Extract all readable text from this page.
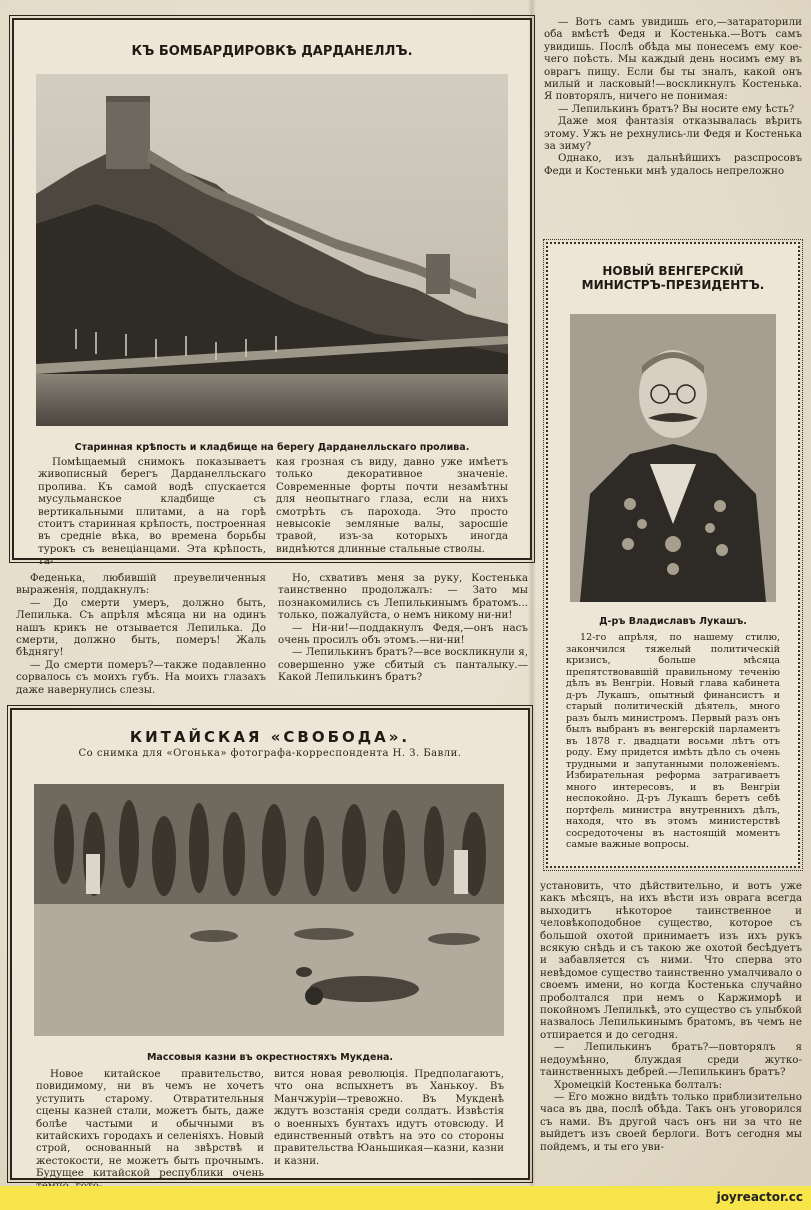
КЪ БОМБАРДИРОВКѢ ДАРДАНЕЛЛЪ.
Старинная крѣпость и кладбище на берегу Дарданелльскаго пролива.
Помѣщаемый снимокъ показываетъ живописный берегъ Дарданелльскаго пролива. Къ самой водѣ спускается мусульманское кладбище съ вертикальными плитами, а на горѣ стоитъ старинная крѣпость, построенная въ средніе вѣка, во времена борьбы турокъ съ венеціанцами. Эта крѣпость, та-
кая грозная съ виду, давно уже имѣетъ только декоративное значеніе. Современные форты почти незамѣтны для неопытнаго глаза, если на нихъ смотрѣть съ парохода. Это просто невысокіе земляные валы, заросшіе травой, изъ-за которыхъ иногда виднѣются длинные стальные стволы.

Феденька, любившій преувеличенныя выраженія, поддакнулъ:

— До смерти умеръ, должно быть, Лепилька. Съ апрѣля мѣсяца ни на одинъ нашъ крикъ не отзывается Лепилька. До смерти, должно быть, померъ! Жаль бѣднягу!

— До смерти померъ?—также подавленно сорвалось съ моихъ губъ. На моихъ глазахъ даже навернулись слезы.

Но, схвативъ меня за руку, Костенька таинственно продолжалъ: — Зато мы познакомились съ Лепилькинымъ братомъ... только, пожалуйста, о немъ никому ни-ни!

— Ни-ни!—поддакнулъ Федя,—онъ насъ очень просилъ объ этомъ.—ни-ни!

— Лепилькинъ братъ?—все воскликнули я, совершенно уже сбитый съ панталыку.—Какой Лепилькинъ братъ?

КИТАЙСКАЯ «СВОБОДА».
Со снимка для «Огонька» фотографа-корреспондента Н. З. Бавли.
Массовыя казни въ окрестностяхъ Мукдена.
Новое китайское правительство, повидимому, ни въ чемъ не хочетъ уступить старому. Отвратительныя сцены казней стали, можетъ быть, даже болѣе частыми и обычными въ китайскихъ городахъ и селеніяхъ. Новый строй, основанный на звѣрствѣ и жестокости, не можетъ быть прочнымъ. Будущее китайской республики очень
вится новая революція. Предполагаютъ, что она вспыхнетъ въ Ханькоу. Въ Манчжуріи—тревожно. Въ Мукденѣ ждутъ возстанія среди солдатъ. Извѣстія о военныхъ бунтахъ идутъ отовсюду. И единственный отвѣтъ на это со стороны правительства Юаньшикая—казни, казни и казни.

— Вотъ самъ увидишь его,—затараторили оба вмѣстѣ Федя и Костенька.—Вотъ самъ увидишь. Послѣ обѣда мы понесемъ ему кое-чего поѣсть. Мы каждый день носимъ ему въ оврагъ пищу. Если бы ты зналъ, какой онъ милый и ласковый!—воскликнулъ Костенька. Я повторялъ, ничего не понимая:

— Лепилькинъ братъ? Вы носите ему ѣсть?

Даже моя фантазія отказывалась вѣрить этому. Ужъ не рехнулись-ли Федя и Костенька за зиму?

Однако, изъ дальнѣйшихъ разспросовъ Феди и Костеньки мнѣ удалось непреложно

НОВЫЙ ВЕНГЕРСКІЙ МИНИСТРЪ-ПРЕЗИДЕНТЪ.
Д-ръ Владиславъ Лукашъ.
12-го апрѣля, по нашему стилю, закончился тяжелый политическій кризисъ, больше мѣсяца препятствовавшій правильному теченію дѣлъ въ Венгріи. Новый глава кабинета д-ръ Лукашъ, опытный финансистъ и старый политическій дѣятель, много разъ былъ министромъ. Первый разъ онъ былъ выбранъ въ венгерскій парламентъ въ 1878 г. двадцати восьми лѣтъ отъ роду. Ему придется имѣть дѣло съ очень трудными и запутанными положеніемъ. Избирательная реформа затрагиваетъ много интересовъ, и въ Венгріи неспокойно. Д-ръ Лукашъ беретъ себѣ портфель министра внутреннихъ дѣлъ, находя, что въ этомъ министерствѣ сосредоточены въ настоящій моментъ самые важные вопросы.

установить, что дѣйствительно, и вотъ уже какъ мѣсяцъ, на ихъ вѣсти изъ оврага всегда выходитъ нѣкоторое таинственное и человѣкоподобное существо, которое съ большой охотой принимаетъ изъ ихъ рукъ всякую снѣдь и съ такою же охотой бесѣдуетъ и забавляется съ ними. Что сперва это невѣдомое существо таинственно умалчивало о своемъ имени, но когда Костенька случайно проболтался при немъ о Каржиморѣ и покойномъ Лепилькѣ, это существо съ улыбкой назвалось Лепилькинымъ братомъ, въ чемъ не отпирается и до сегодня.

— Лепилькинъ братъ?—повторялъ я недоумѣнно, блуждая среди жутко-таинственныхъ дебрей.—Лепилькинъ братъ?

Хромецкій Костенька болталъ:

— Его можно видѣть только приблизительно часа въ два, послѣ обѣда. Такъ онъ уговорился съ нами. Въ другой часъ онъ ни за что не выйдетъ изъ своей берлоги. Вотъ сегодня мы пойдемъ, и ты его уви-

joyreactor.cc
